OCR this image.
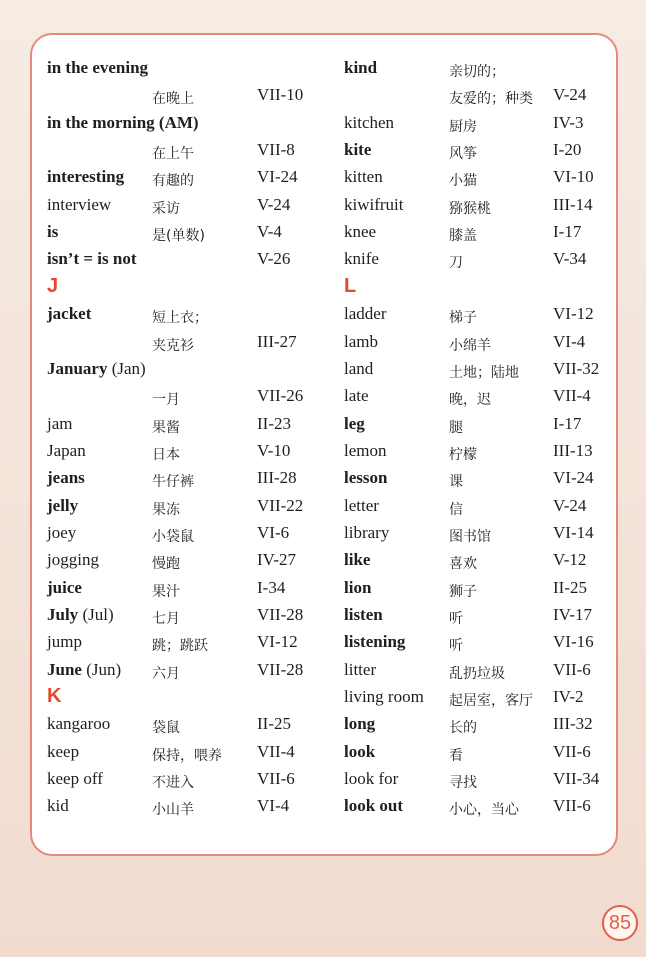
in the evening
在晚上	VII-10
in the morning (AM)
在上午	VII-8
interesting 有趣的	VI-24
interview	采访	V-24
is	是(单数)	V-4
isn’t = is not	V-26
J
jacket	短上衣；
夹克衫	III-27
January (Jan)
一月	VII-26
jam	果酱	II-23
Japan	日本	V-10
jeans	牛仔裤	III-28
jelly	果冻	VII-22
joey	小袋鼠	VI-6
jogging	慢跑	IV-27
juice	果汁	I-34
July (Jul)	七月	VII-28
jump	跳；跳跃	VI-12
June (Jun) 六月	VII-28
K
kangaroo	袋鼠	II-25
keep	保持，喂养 VII-4
keep off	不进入	VII-6
kid	小山羊	VI-4
kind	亲切的；
友爱的；种类 V-24
kitchen	厨房	IV-3
kite	风筝	I-20
kitten	小猫	VI-10
kiwifruit	猕猴桃	III-14
knee	膝盖	I-17
knife	刀	V-34
L
ladder	梯子	VI-12
lamb	小绵羊	VI-4
land	土地；陆地 VII-32
late	晚，迟	VII-4
leg	腿	I-17
lemon	柠檬	III-13
lesson	课	VI-24
letter	信	V-24
library	图书馆	VI-14
like	喜欢	V-12
lion	狮子	II-25
listen	听	IV-17
listening	听	VI-16
litter	乱扔垃圾	VII-6
living room 起居室，客厅 IV-2
long	长的	III-32
look	看	VII-6
look for	寻找	VII-34
look out	小心，当心 VII-6
85
